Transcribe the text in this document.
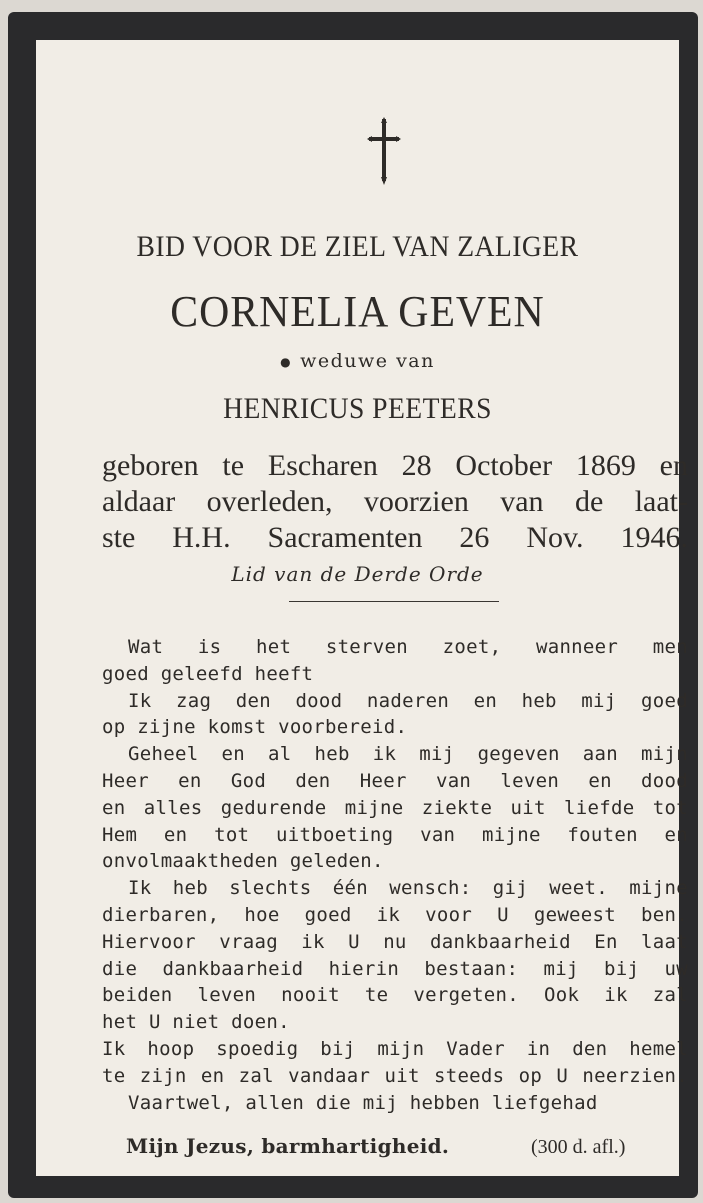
BID VOOR DE ZIEL VAN ZALIGER
CORNELIA GEVEN
● weduwe van
HENRICUS PEETERS
geboren te Escharen 28 October 1869 en
aldaar overleden, voorzien van de laat-
ste H.H. Sacramenten 26 Nov. 1946.
Lid van de Derde Orde
Wat is het sterven zoet, wanneer men
goed geleefd heeft
Ik zag den dood naderen en heb mij goed
op zijne komst voorbereid.
Geheel en al heb ik mij gegeven aan mijn
Heer en God den Heer van leven en dood
en alles gedurende mijne ziekte uit liefde tot
Hem en tot uitboeting van mijne fouten en
onvolmaaktheden geleden.
Ik heb slechts één wensch: gij weet. mijne
dierbaren, hoe goed ik voor U geweest ben.
Hiervoor vraag ik U nu dankbaarheid En laat
die dankbaarheid hierin bestaan: mij bij uw
beiden leven nooit te vergeten. Ook ik zal
het U niet doen.
Ik hoop spoedig bij mijn Vader in den hemel
te zijn en zal vandaar uit steeds op U neerzien.
Vaartwel, allen die mij hebben liefgehad
Mijn Jezus, barmhartigheid.	(300 d. afl.)
